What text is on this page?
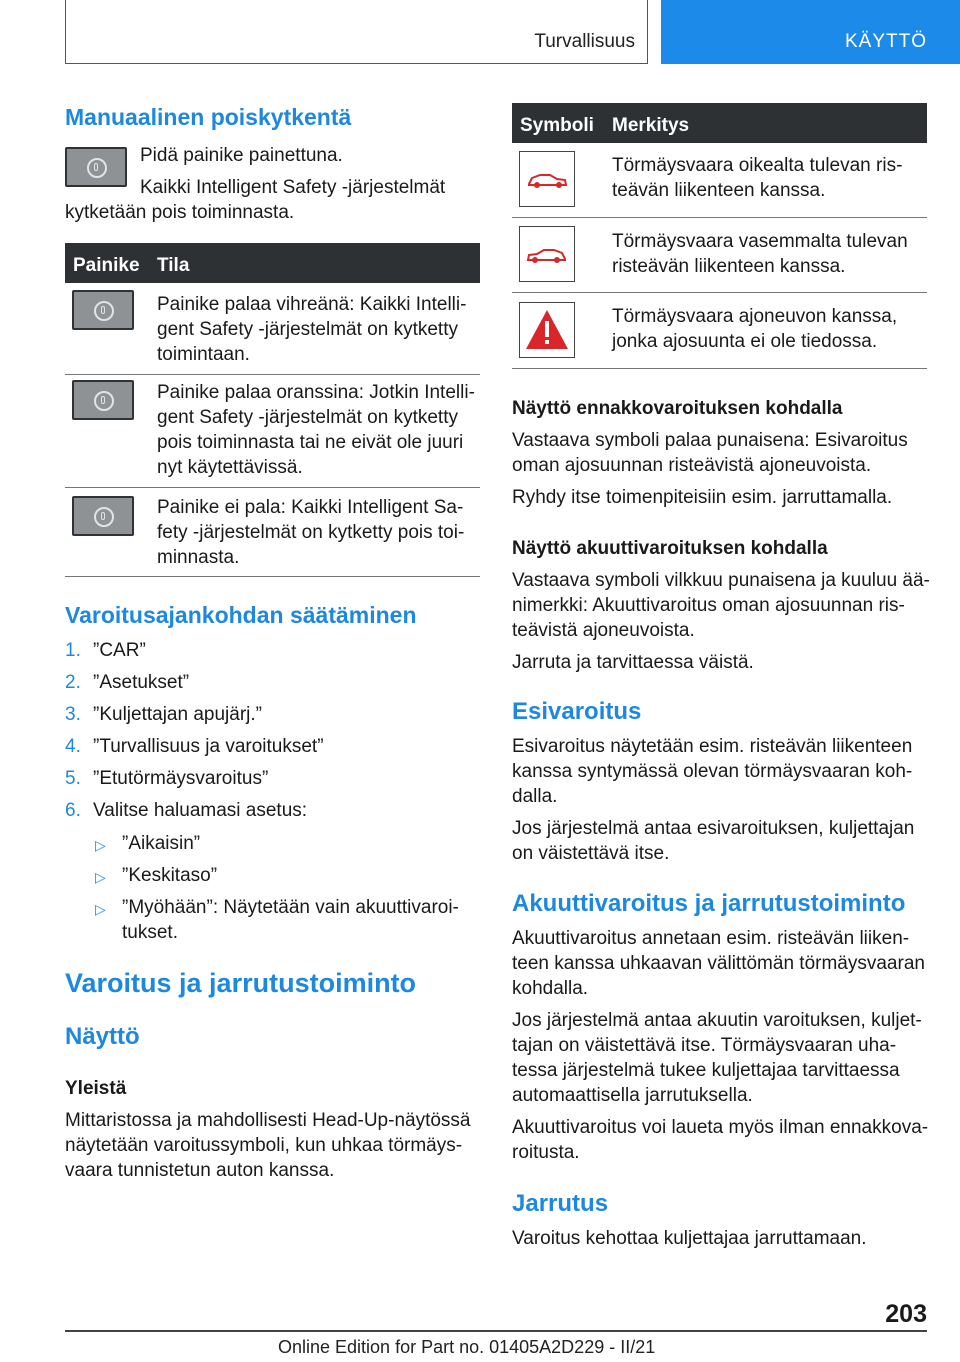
Turvallisuus	KÄYTTÖ
Manuaalinen poiskytkentä

Pidä painike painettuna.

Kaikki Intelligent Safety -järjestelmät

kytketään pois toiminnasta.

Painike Tila

Painike palaa vihreänä: Kaikki Intelli-

gent Safety -järjestelmät on kytketty

toimintaan.

Painike palaa oranssina: Jotkin Intelli-

gent Safety -järjestelmät on kytketty

pois toiminnasta tai ne eivät ole juuri

nyt käytettävissä.

Painike ei pala: Kaikki Intelligent Sa-

fety -järjestelmät on kytketty pois toi-

minnasta.

Varoitusajankohdan säätäminen
1. ”CAR”
2. ”Asetukset”
3. ”Kuljettajan apujärj.”
4. ”Turvallisuus ja varoitukset”
5. ”Etutörmäysvaroitus”
6. Valitse haluamasi asetus:
▷ ”Aikaisin”

▷ ”Keskitaso”

▷ ”Myöhään”: Näytetään vain akuuttivaroi-

tukset.

Varoitus ja jarrutustoiminto
Näyttö

Yleistä

Mittaristossa ja mahdollisesti Head-Up-näytössä

näytetään varoitussymboli, kun uhkaa törmäys-

vaara tunnistetun auton kanssa.

Symboli Merkitys

Törmäysvaara oikealta tulevan ris-

teävän liikenteen kanssa.

Törmäysvaara vasemmalta tulevan

risteävän liikenteen kanssa.

Törmäysvaara ajoneuvon kanssa,

jonka ajosuunta ei ole tiedossa.

Näyttö ennakkovaroituksen kohdalla

Vastaava symboli palaa punaisena: Esivaroitus

oman ajosuunnan risteävistä ajoneuvoista.

Ryhdy itse toimenpiteisiin esim. jarruttamalla.

Näyttö akuuttivaroituksen kohdalla

Vastaava symboli vilkkuu punaisena ja kuuluu ää-

nimerkki: Akuuttivaroitus oman ajosuunnan ris-

teävistä ajoneuvoista.

Jarruta ja tarvittaessa väistä.

Esivaroitus

Esivaroitus näytetään esim. risteävän liikenteen

kanssa syntymässä olevan törmäysvaaran koh-

dalla.

Jos järjestelmä antaa esivaroituksen, kuljettajan

on väistettävä itse.

Akuuttivaroitus ja jarrutustoiminto

Akuuttivaroitus annetaan esim. risteävän liiken-

teen kanssa uhkaavan välittömän törmäysvaaran

kohdalla.

Jos järjestelmä antaa akuutin varoituksen, kuljet-

tajan on väistettävä itse. Törmäysvaaran uha-

tessa järjestelmä tukee kuljettajaa tarvittaessa

automaattisella jarrutuksella.

Akuuttivaroitus voi laueta myös ilman ennakkova-

roitusta.

Jarrutus

Varoitus kehottaa kuljettajaa jarruttamaan.

203
Online Edition for Part no. 01405A2D229 - II/21
